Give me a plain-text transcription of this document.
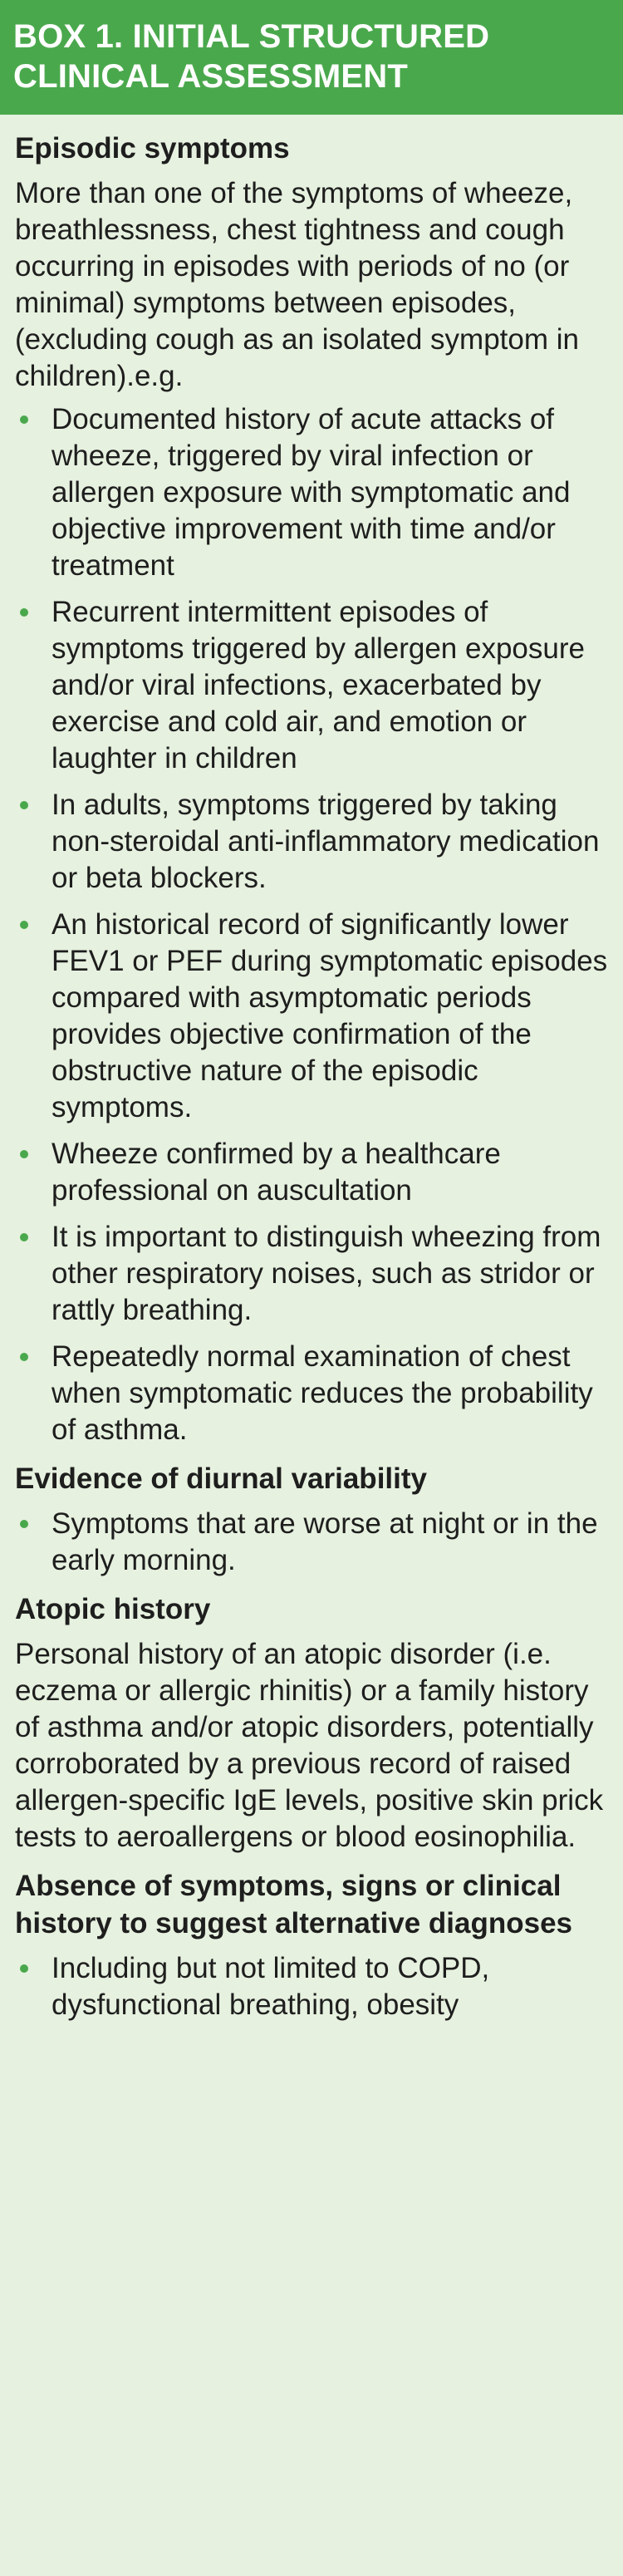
BOX 1. INITIAL STRUCTURED
CLINICAL ASSESSMENT
Episodic symptoms

More than one of the symptoms of wheeze, breathlessness, chest tightness and cough occurring in episodes with periods of no (or minimal) symptoms between episodes, (excluding cough as an isolated symptom in children).e.g.

Documented history of acute attacks of wheeze, triggered by viral infection or allergen exposure with symptomatic and objective improvement with time and/or treatment
Recurrent intermittent episodes of symptoms triggered by allergen exposure and/or viral infections, exacerbated by exercise and cold air, and emotion or laughter in children
In adults, symptoms triggered by taking non-steroidal anti-inflammatory medication or beta blockers.
An historical record of significantly lower FEV1 or PEF during symptomatic episodes compared with asymptomatic periods provides objective confirmation of the obstructive nature of the episodic symptoms.
Wheeze confirmed by a healthcare professional on auscultation
It is important to distinguish wheezing from other respiratory noises, such as stridor or rattly breathing.
Repeatedly normal examination of chest when symptomatic reduces the probability of asthma.
Evidence of diurnal variability
Symptoms that are worse at night or in the early morning.
Atopic history

Personal history of an atopic disorder (i.e. eczema or allergic rhinitis) or a family history of asthma and/or atopic disorders, potentially corroborated by a previous record of raised allergen-specific IgE levels, positive skin prick tests to aeroallergens or blood eosinophilia.

Absence of symptoms, signs or clinical history to suggest alternative diagnoses
Including but not limited to COPD, dysfunctional breathing, obesity
